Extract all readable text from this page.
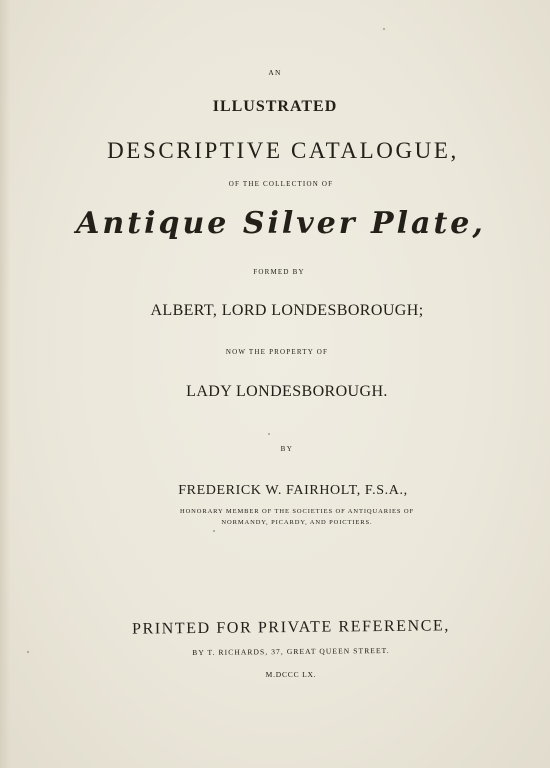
AN
ILLUSTRATED
DESCRIPTIVE CATALOGUE,
OF THE COLLECTION OF
Antique Silver Plate,
FORMED BY
ALBERT, LORD LONDESBOROUGH;
NOW THE PROPERTY OF
LADY LONDESBOROUGH.
BY
FREDERICK W. FAIRHOLT, F.S.A.,
HONORARY MEMBER OF THE SOCIETIES OF ANTIQUARIES OF
NORMANDY, PICARDY, AND POICTIERS.
PRINTED FOR PRIVATE REFERENCE,
BY T. RICHARDS, 37, GREAT QUEEN STREET.
M.DCCC LX.
